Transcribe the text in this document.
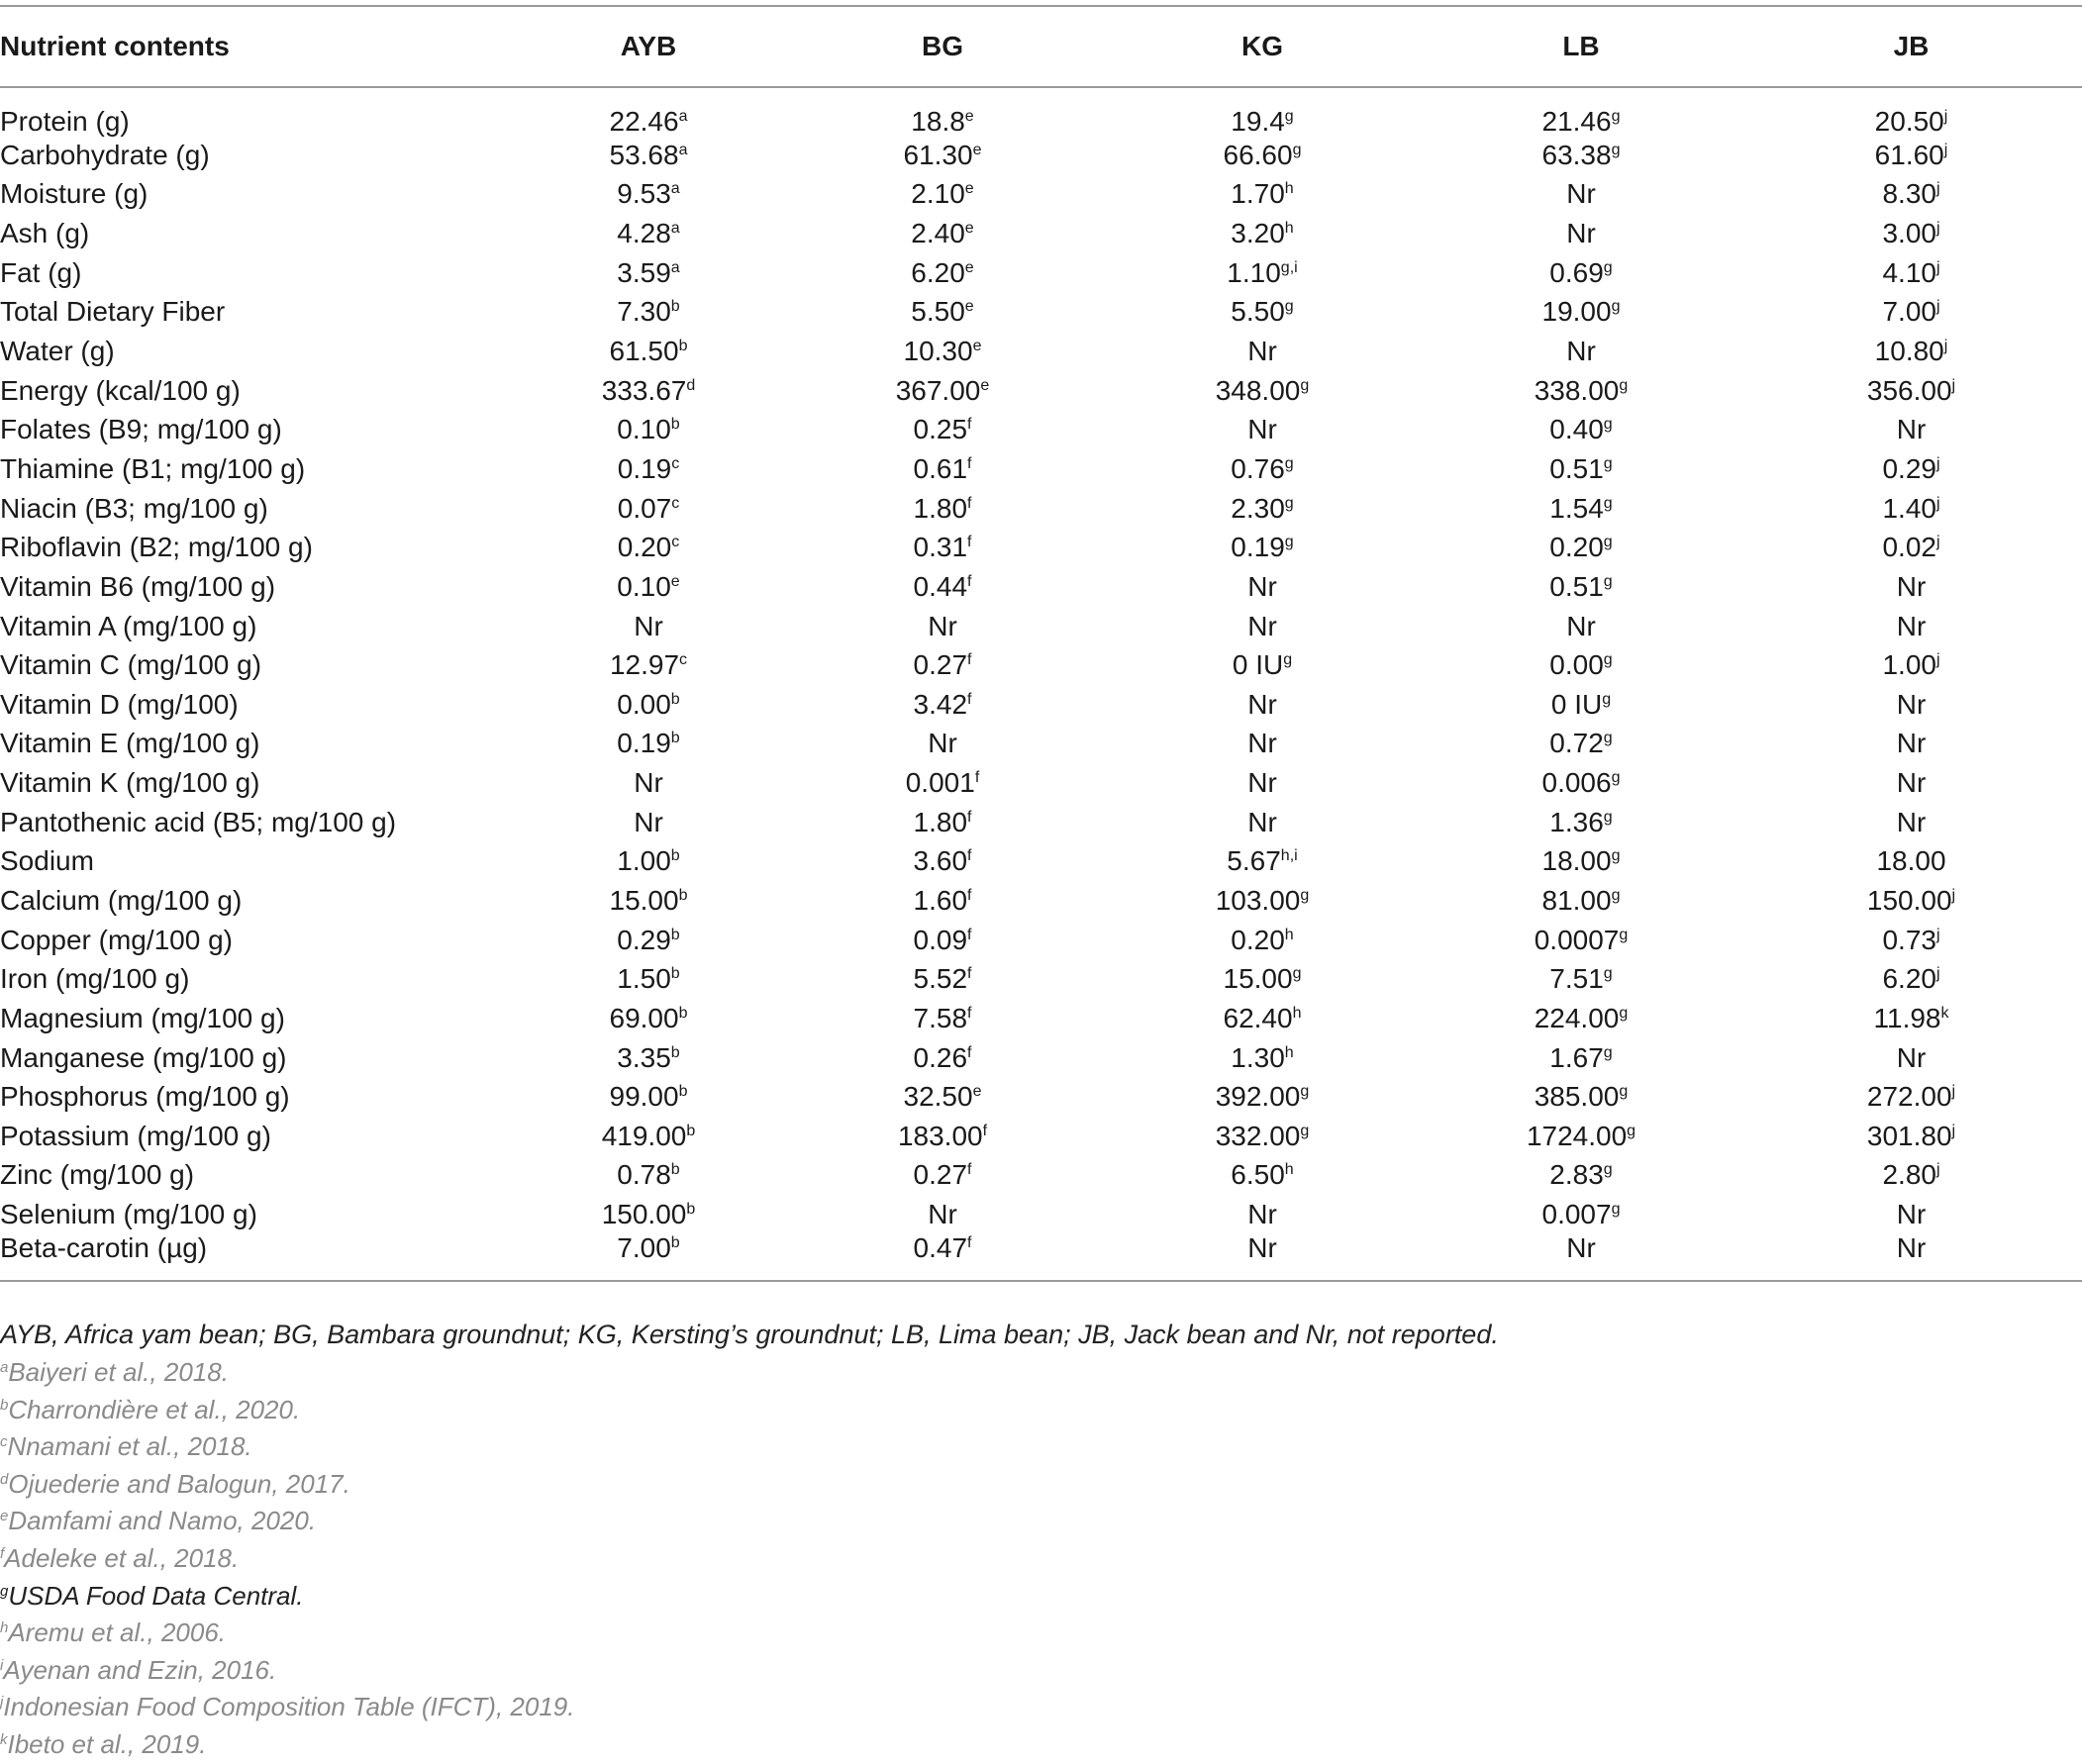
Nutrient contents	AYB	BG	KG	LB	JB
Protein (g)	22.46$^a$	18.8e	19.4$^g$	21.46$^g$	20.50$^j$
Carbohydrate (g)	53.68$^a$	61.30e	66.60$^g$	63.38$^g$	61.60$^j$
Moisture (g)	9.53$^a$	2.10e	1.70$^h$	Nr	8.30$^j$
Ash (g)	4.28$^a$	2.40e	3.20$^h$	Nr	3.00$^j$
Fat (g)	3.59$^a$	6.20e	1.10$^{g,i}$	0.69$^g$	4.10$^j$
Total Dietary Fiber	7.30$^b$	5.50e	5.50$^g$	19.00$^g$	7.00$^j$
Water (g)	61.50$^b$	10.30e	Nr	Nr	10.80$^j$
Energy (kcal/100 g)	333.67$^d$	367.00e	348.00$^g$	338.00$^g$	356.00$^j$
Folates (B9; mg/100 g)	0.10$^b$	0.25$^f$	Nr	0.40$^g$	Nr
Thiamine (B1; mg/100 g)	0.19$^c$	0.61$^f$	0.76$^g$	0.51$^g$	0.29$^j$
Niacin (B3; mg/100 g)	0.07$^c$	1.80$^f$	2.30$^g$	1.54$^g$	1.40$^j$
Riboflavin (B2; mg/100 g)	0.20$^c$	0.31$^f$	0.19$^g$	0.20$^g$	0.02$^j$
Vitamin B6 (mg/100 g)	0.10e	0.44$^f$	Nr	0.51$^g$	Nr
Vitamin A (mg/100 g)	Nr	Nr	Nr	Nr	Nr
Vitamin C (mg/100 g)	12.97$^c$	0.27$^f$	0 $IU^g$	0.00$^g$	1.00$^j$
Vitamin D (mg/100)	0.00$^b$	3.42$^f$	Nr	0 $IU^g$	Nr
Vitamin E (mg/100 g)	0.19$^b$	Nr	Nr	0.72$^g$	Nr
Vitamin K (mg/100 g)	Nr	0.001$^f$	Nr	0.006$^g$	Nr
Pantothenic acid (B5; mg/100 g)	Nr	1.80$^f$	Nr	1.36$^g$	Nr
Sodium	1.00$^b$	3.60$^f$	5.67$^{h,i}$	18.00$^g$	18.00
Calcium (mg/100 g)	15.00$^b$	1.60$^f$	103.00$^g$	81.00$^g$	150.00$^j$
Copper (mg/100 g)	0.29$^b$	0.09$^f$	0.20$^h$	0.0007$^g$	0.73$^j$
Iron (mg/100 g)	1.50$^b$	5.52$^f$	15.00$^g$	7.51$^g$	6.20$^j$
Magnesium (mg/100 g)	69.00$^b$	7.58$^f$	62.40$^h$	224.00$^g$	11.98$^k$
Manganese (mg/100 g)	3.35$^b$	0.26$^f$	1.30$^h$	1.67$^g$	Nr
Phosphorus (mg/100 g)	99.00$^b$	32.50e	392.00$^g$	385.00$^g$	272.00$^j$
Potassium (mg/100 g)	419.00$^b$	183.00$^f$	332.00$^g$	1724.00$^g$	301.80$^j$
Zinc (mg/100 g)	0.78$^b$	0.27$^f$	6.50$^h$	2.83$^g$	2.80$^j$
Selenium (mg/100 g)	150.00$^b$	Nr	Nr	0.007$^g$	Nr
Beta-carotin (µg)	7.00$^b$	0.47$^f$	Nr	Nr	Nr
AYB, Africa yam bean; BG, Bambara groundnut; KG, Kersting’s groundnut; LB, Lima bean; JB, Jack bean and Nr, not reported.
$^a$Baiyeri et al., 2018.
$^b$Charrondière et al., 2020.
$^c$Nnamani et al., 2018.
$^d$Ojuederie and Balogun, 2017.
$^e$Damfami and Namo, 2020.
$^f$Adeleke et al., 2018.
$^g$USDA Food Data Central.
$^h$Aremu et al., 2006.
$^i$Ayenan and Ezin, 2016.
$^j$Indonesian Food Composition Table (IFCT), 2019.
$^k$Ibeto et al., 2019.
